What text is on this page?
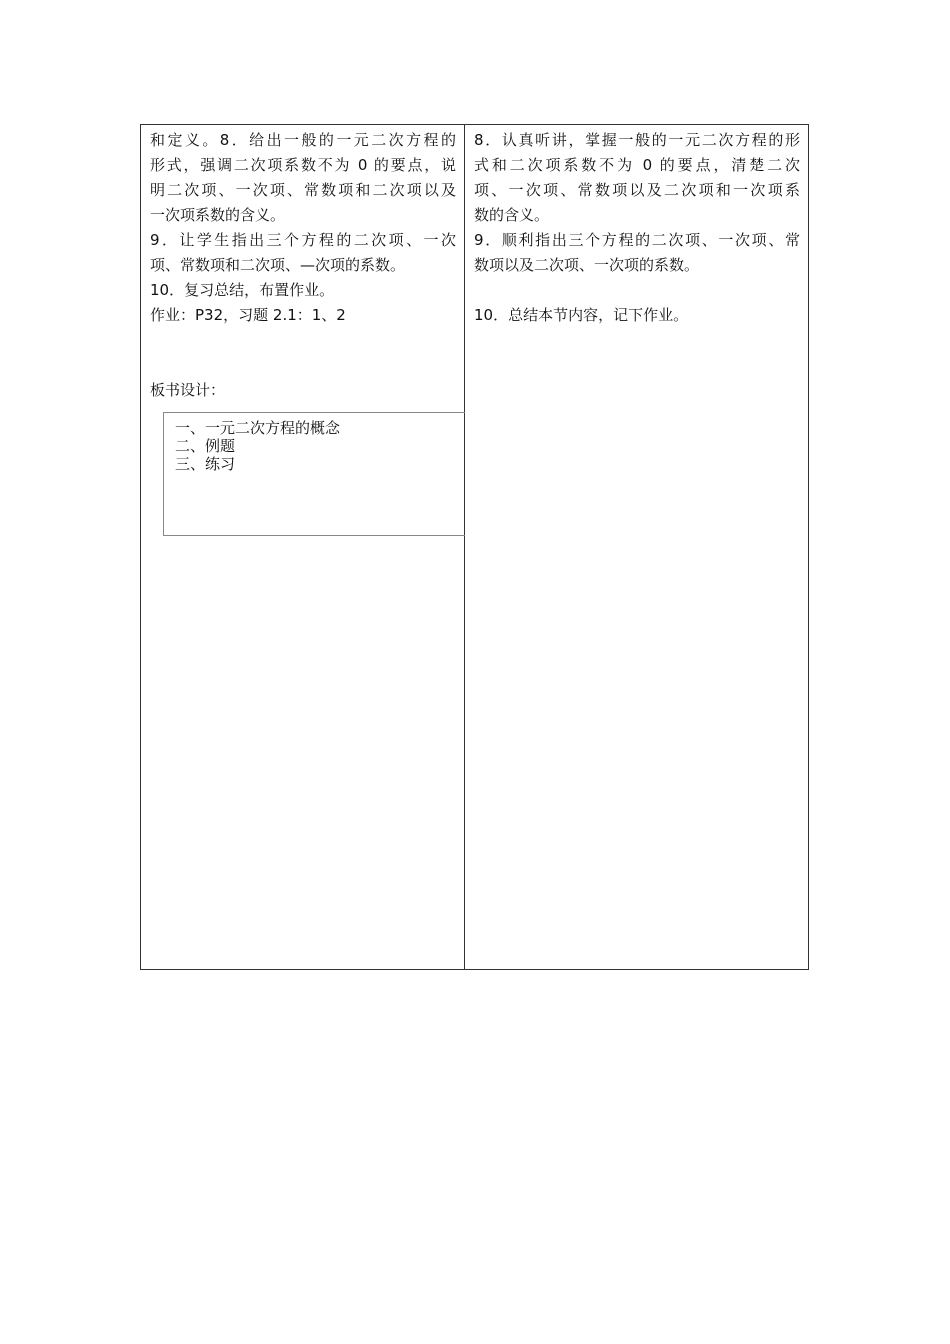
和定义。8．给出一般的一元二次方程的
形式，强调二次项系数不为 0 的要点，说
明二次项、一次项、常数项和二次项以及
一次项系数的含义。
9．让学生指出三个方程的二次项、一次
项、常数项和二次项、—次项的系数。
10．复习总结，布置作业。
作业：P32，习题 2.1：1、2
板书设计：
一、一元二次方程的概念
二、例题
三、练习
8．认真听讲，掌握一般的一元二次方程的形
式和二次项系数不为 0 的要点，清楚二次
项、一次项、常数项以及二次项和一次项系
数的含义。
9．顺利指出三个方程的二次项、一次项、常
数项以及二次项、一次项的系数。
10．总结本节内容，记下作业。
